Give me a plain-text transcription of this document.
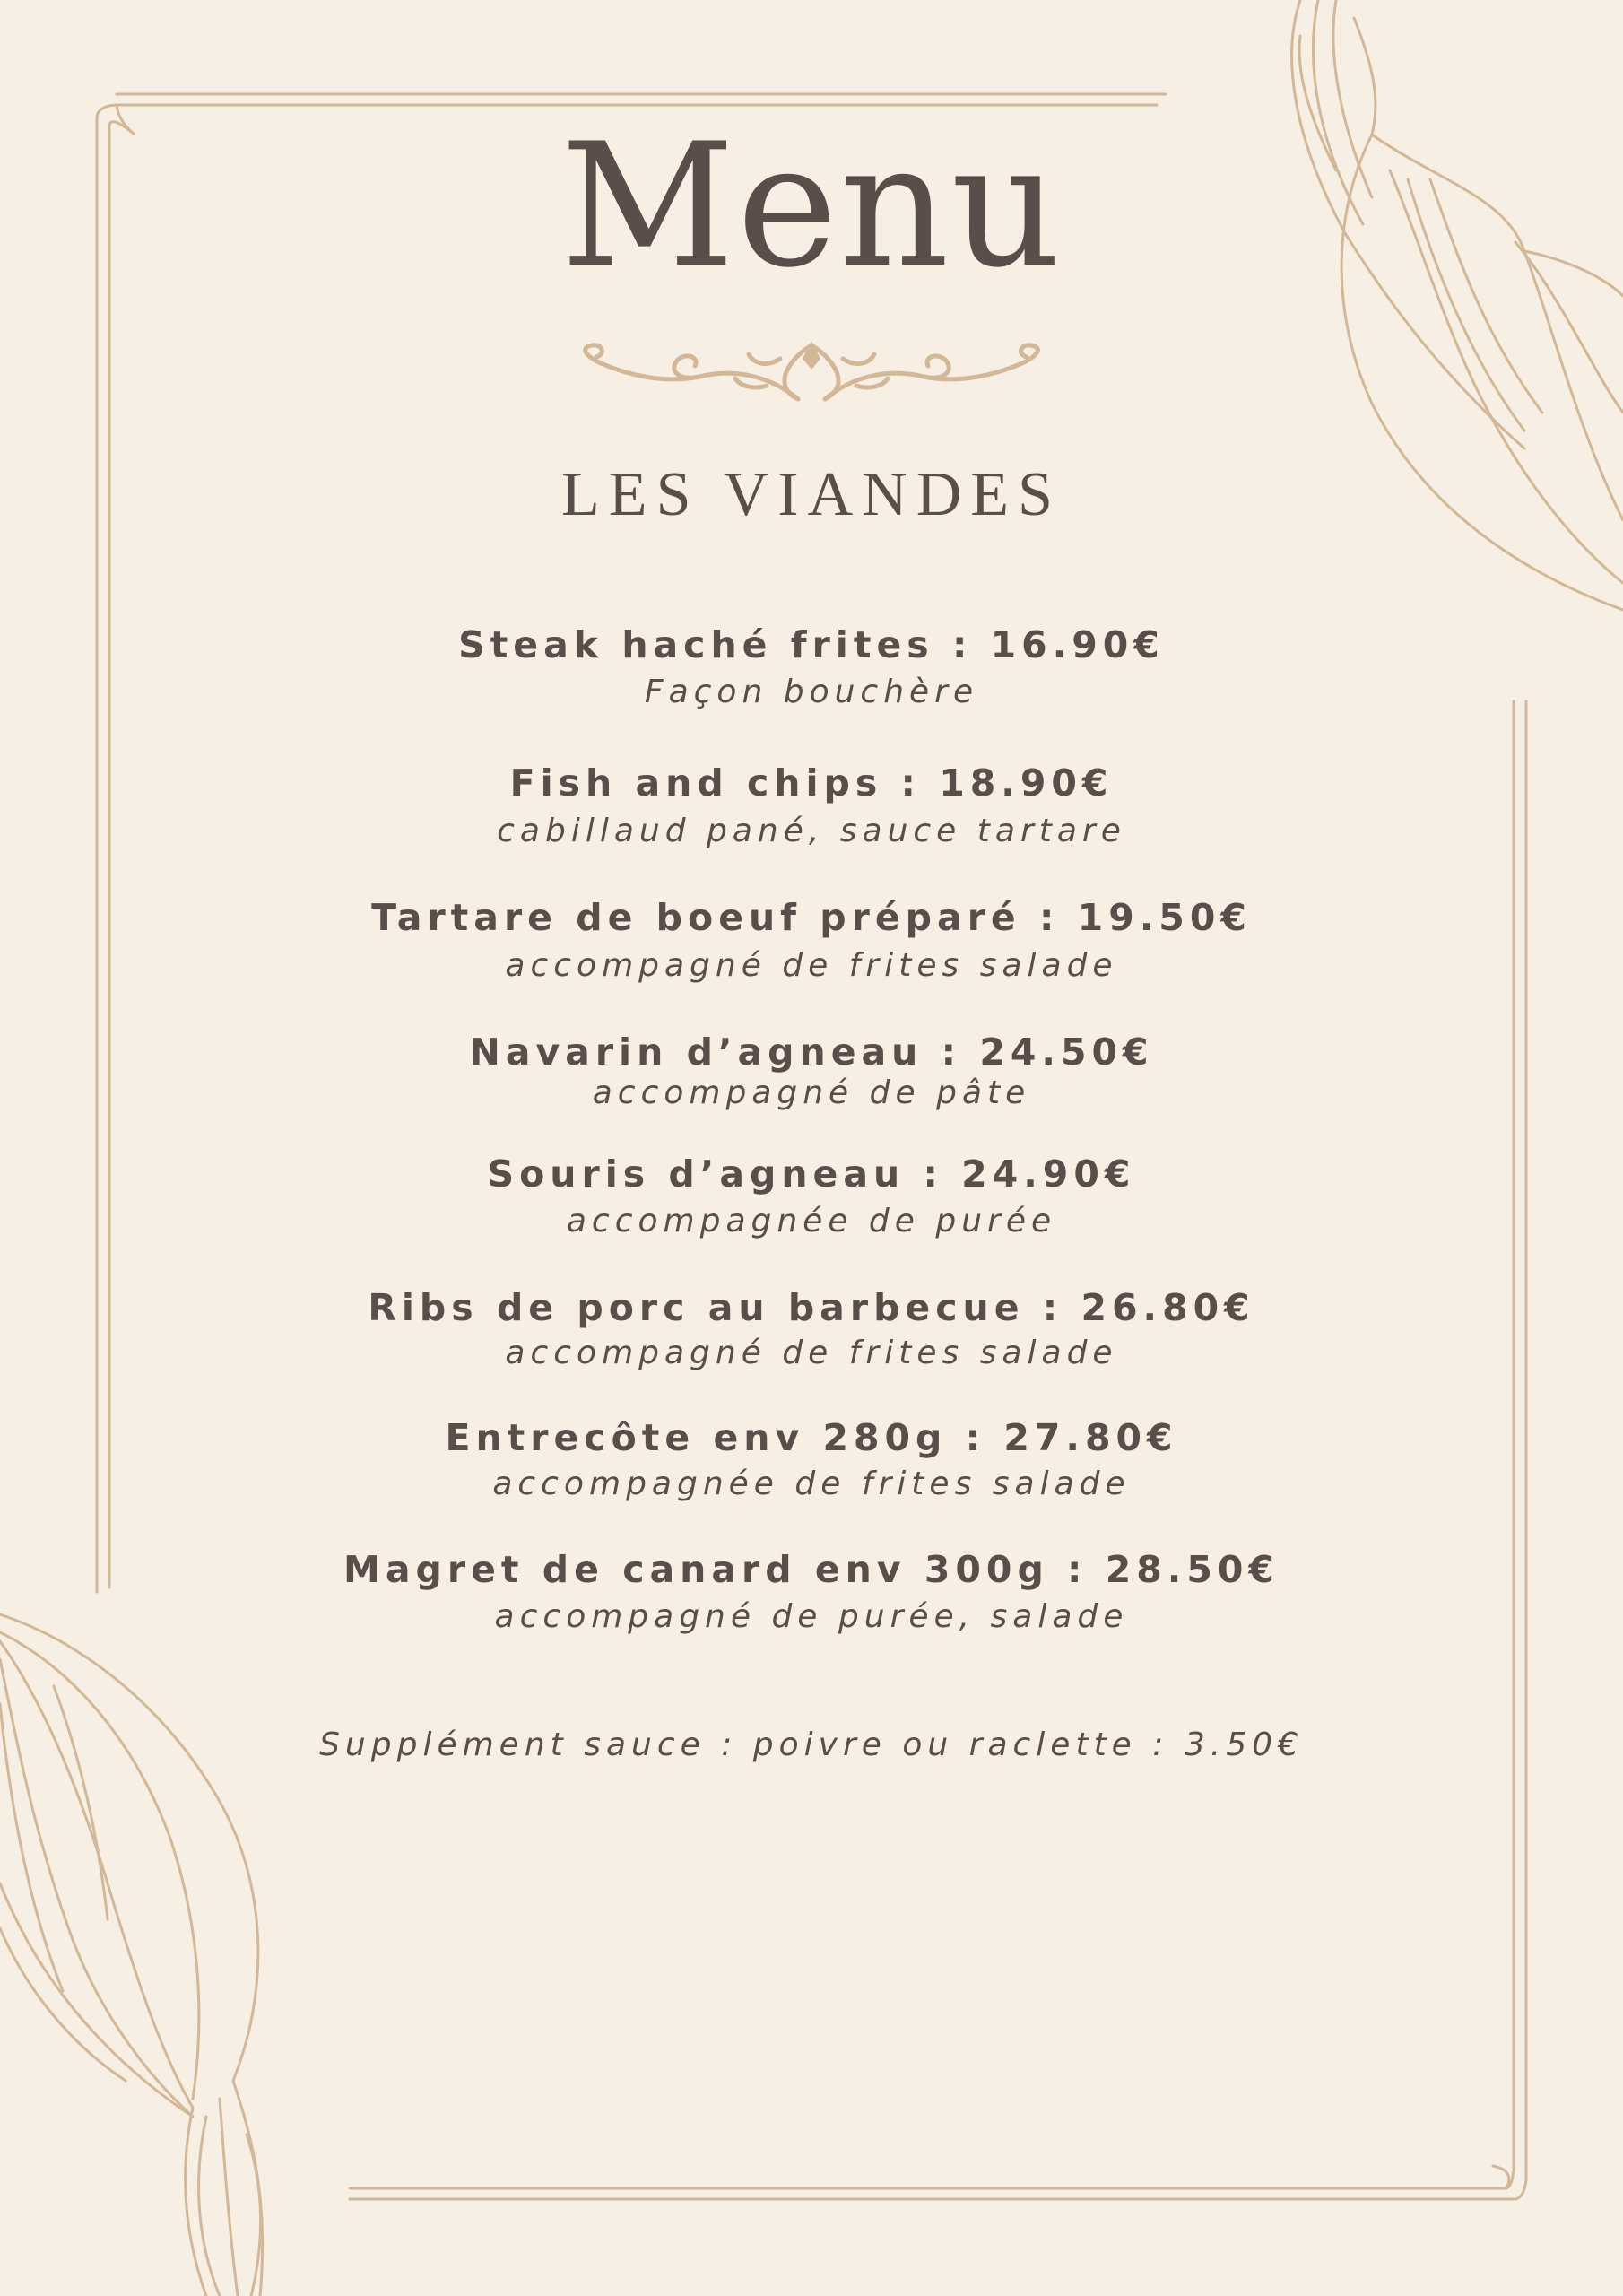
Menu
LES VIANDES
Steak haché frites : 16.90€
Façon bouchère
Fish and chips : 18.90€
cabillaud pané, sauce tartare
Tartare de boeuf préparé : 19.50€
accompagné de frites salade
Navarin d’agneau : 24.50€
accompagné de pâte
Souris d’agneau : 24.90€
accompagnée de purée
Ribs de porc au barbecue : 26.80€
accompagné de frites salade
Entrecôte env 280g : 27.80€
accompagnée de frites salade
Magret de canard env 300g : 28.50€
accompagné de purée, salade
Supplément sauce : poivre ou raclette : 3.50€
